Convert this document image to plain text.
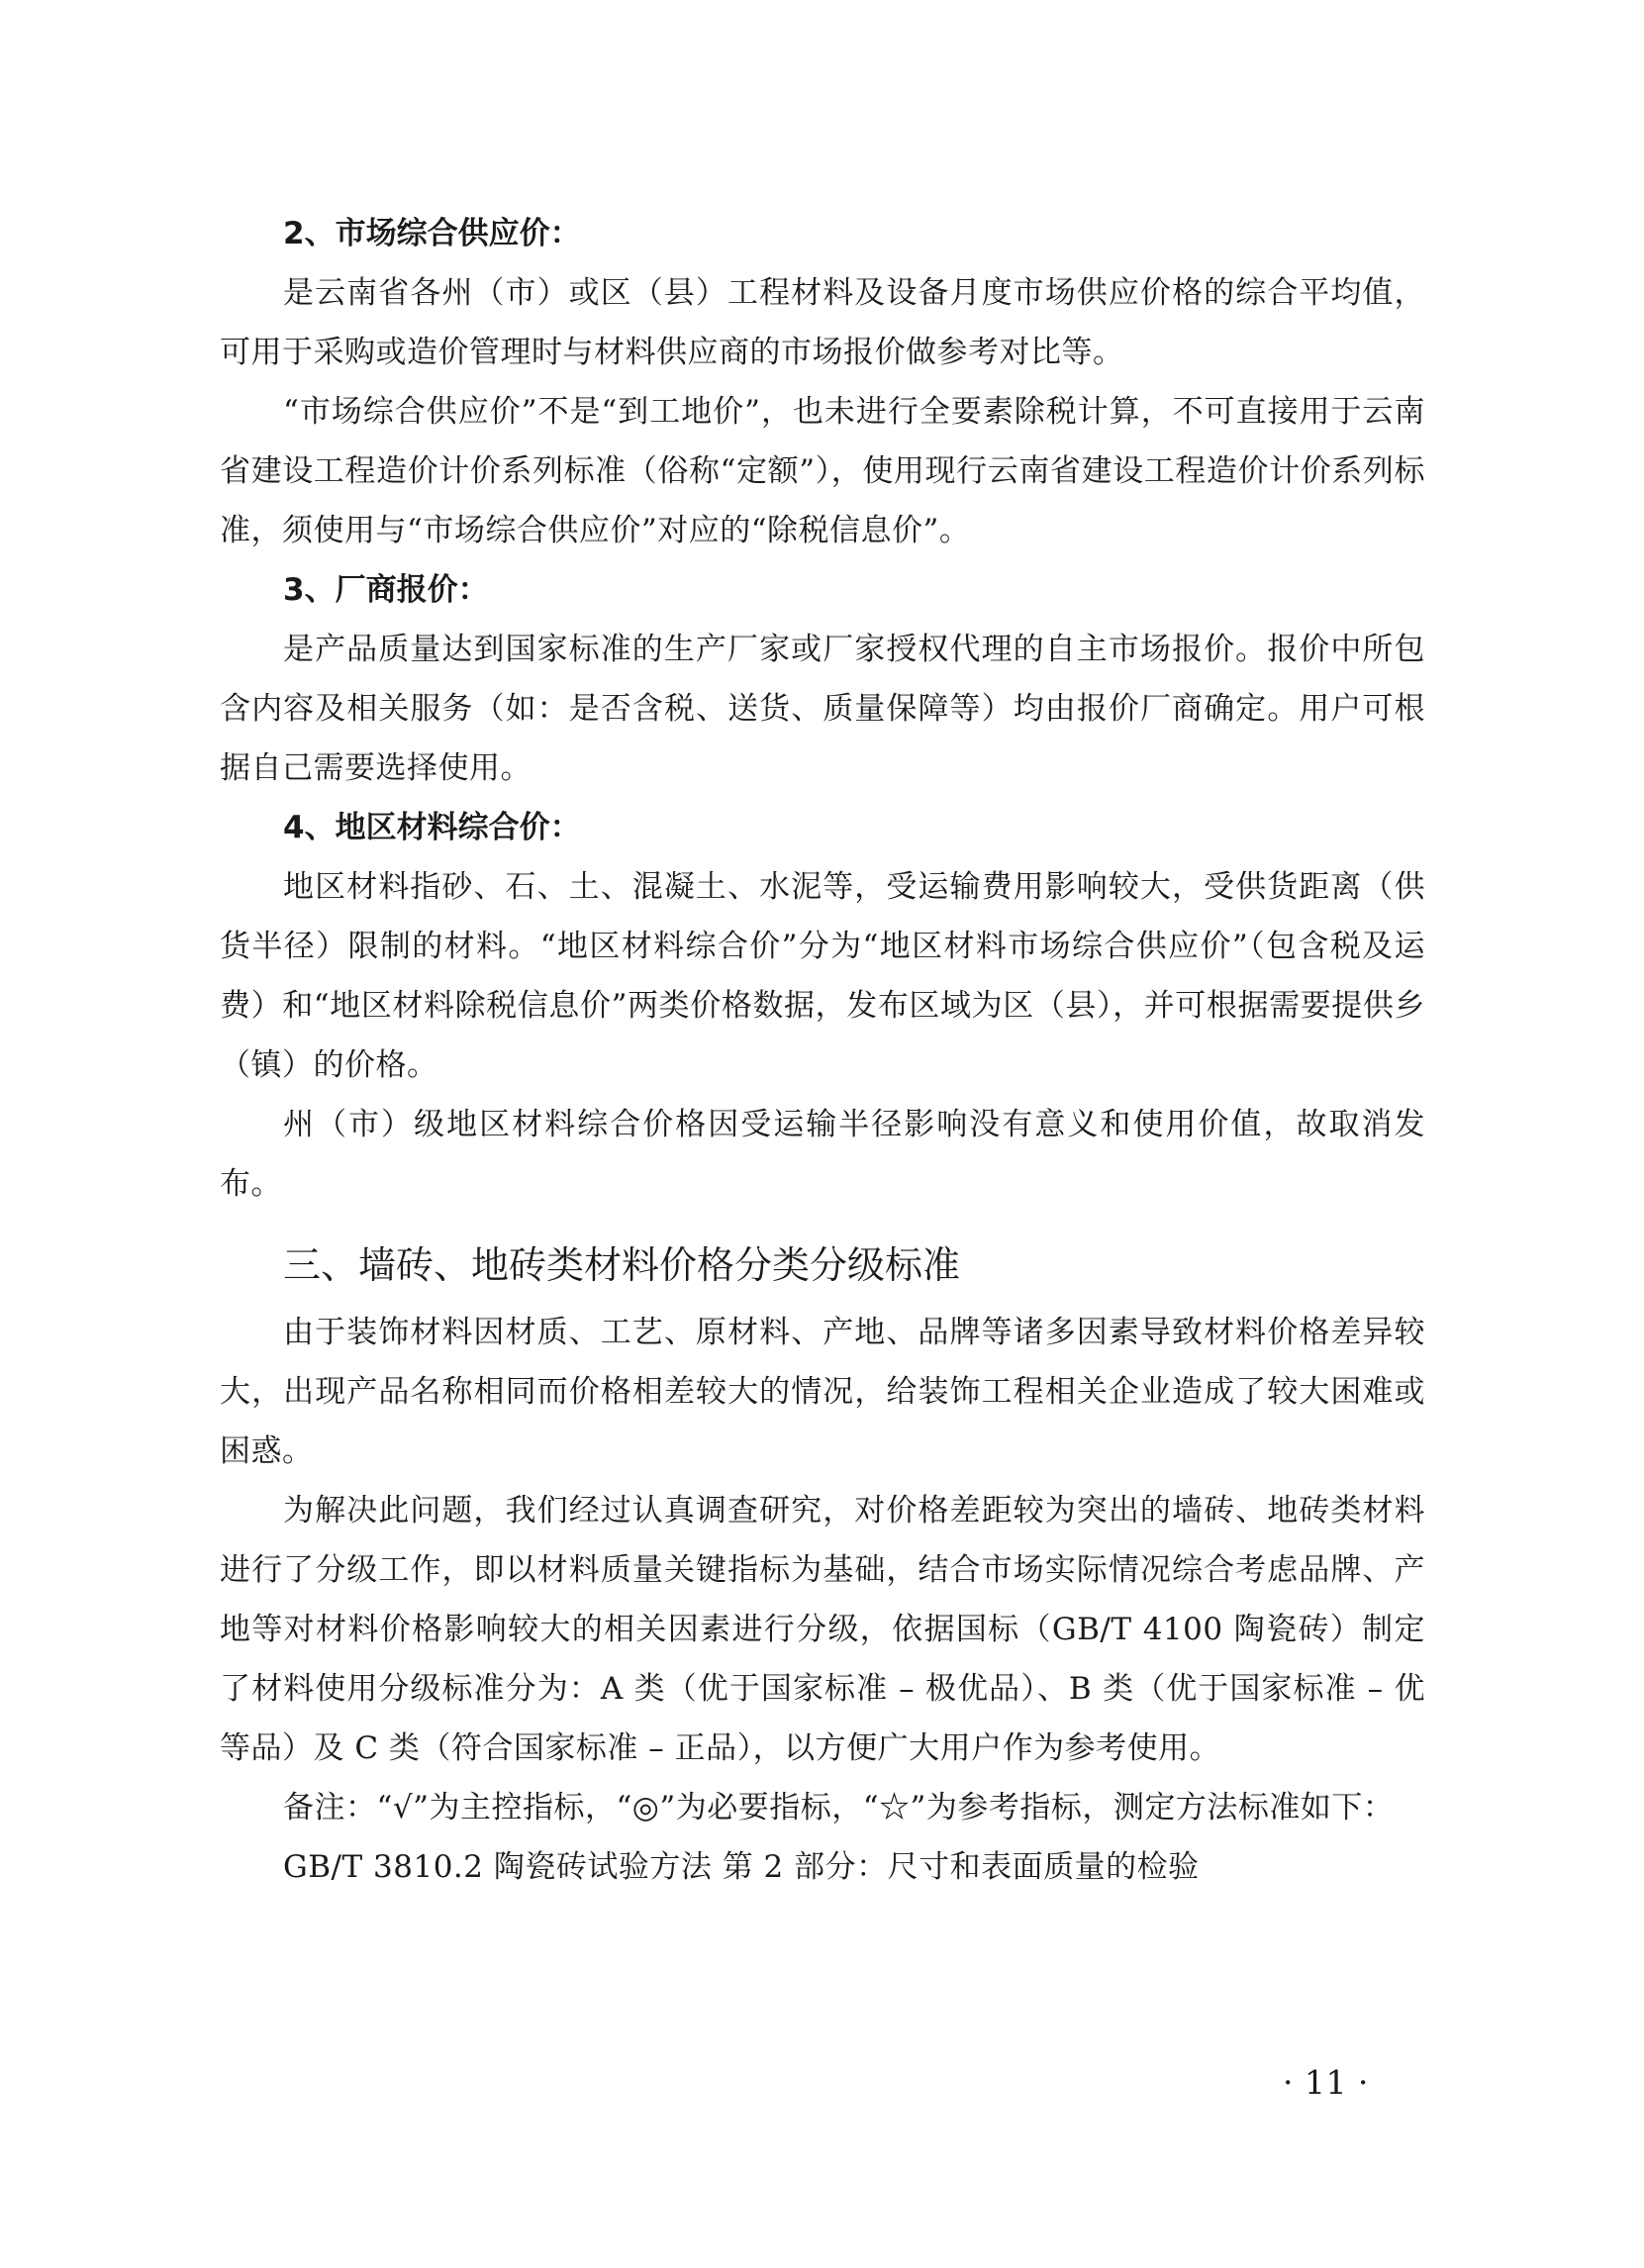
2、市场综合供应价：

是云南省各州（市）或区（县）工程材料及设备月度市场供应价格的综合平均值，可用于采购或造价管理时与材料供应商的市场报价做参考对比等。

“市场综合供应价”不是“到工地价”，也未进行全要素除税计算，不可直接用于云南省建设工程造价计价系列标准（俗称“定额”），使用现行云南省建设工程造价计价系列标准，须使用与“市场综合供应价”对应的“除税信息价”。

3、厂商报价：

是产品质量达到国家标准的生产厂家或厂家授权代理的自主市场报价。报价中所包含内容及相关服务（如：是否含税、送货、质量保障等）均由报价厂商确定。用户可根据自己需要选择使用。

4、地区材料综合价：

地区材料指砂、石、土、混凝土、水泥等，受运输费用影响较大，受供货距离（供货半径）限制的材料。“地区材料综合价”分为“地区材料市场综合供应价”（包含税及运费）和“地区材料除税信息价”两类价格数据，发布区域为区（县），并可根据需要提供乡（镇）的价格。

州（市）级地区材料综合价格因受运输半径影响没有意义和使用价值，故取消发布。

三、墙砖、地砖类材料价格分类分级标准

由于装饰材料因材质、工艺、原材料、产地、品牌等诸多因素导致材料价格差异较大，出现产品名称相同而价格相差较大的情况，给装饰工程相关企业造成了较大困难或困惑。

为解决此问题，我们经过认真调查研究，对价格差距较为突出的墙砖、地砖类材料进行了分级工作，即以材料质量关键指标为基础，结合市场实际情况综合考虑品牌、产地等对材料价格影响较大的相关因素进行分级，依据国标（GB/T 4100 陶瓷砖）制定了材料使用分级标准分为：A 类（优于国家标准 – 极优品）、B 类（优于国家标准 – 优等品）及 C 类（符合国家标准 – 正品），以方便广大用户作为参考使用。

备注：“√”为主控指标，“◎”为必要指标，“☆”为参考指标，测定方法标准如下：

GB/T 3810.2 陶瓷砖试验方法 第 2 部分：尺寸和表面质量的检验

· 11 ·
